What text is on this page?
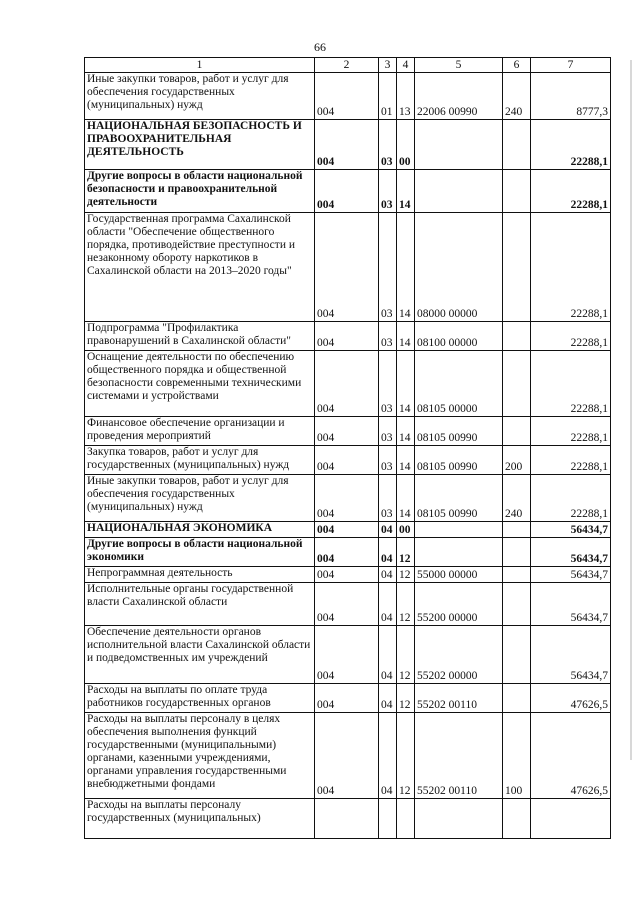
66
1	2	3	4	5	6	7
Иные закупки товаров, работ и услуг для обеспечения государственных (муниципальных) нужд	004	01	13	22006 00990	240	8777,3
НАЦИОНАЛЬНАЯ БЕЗОПАСНОСТЬ И ПРАВООХРАНИТЕЛЬНАЯ ДЕЯТЕЛЬНОСТЬ	004	03	00			22288,1
Другие вопросы в области национальной безопасности и правоохранительной деятельности	004	03	14			22288,1
Государственная программа Сахалинской области "Обеспечение общественного порядка, противодействие преступности и незаконному обороту наркотиков в Сахалинской области на 2013–2020 годы"	004	03	14	08000 00000		22288,1
Подпрограмма "Профилактика правонарушений в Сахалинской области"	004	03	14	08100 00000		22288,1
Оснащение деятельности по обеспечению общественного порядка и общественной безопасности современными техническими системами и устройствами	004	03	14	08105 00000		22288,1
Финансовое обеспечение организации и проведения мероприятий	004	03	14	08105 00990		22288,1
Закупка товаров, работ и услуг для государственных (муниципальных) нужд	004	03	14	08105 00990	200	22288,1
Иные закупки товаров, работ и услуг для обеспечения государственных (муниципальных) нужд	004	03	14	08105 00990	240	22288,1
НАЦИОНАЛЬНАЯ ЭКОНОМИКА	004	04	00			56434,7
Другие вопросы в области национальной экономики	004	04	12			56434,7
Непрограммная деятельность	004	04	12	55000 00000		56434,7
Исполнительные органы государственной власти Сахалинской области	004	04	12	55200 00000		56434,7
Обеспечение деятельности органов исполнительной власти Сахалинской области и подведомственных им учреждений	004	04	12	55202 00000		56434,7
Расходы на выплаты по оплате труда работников государственных органов	004	04	12	55202 00110		47626,5
Расходы на выплаты персоналу в целях обеспечения выполнения функций государственными (муниципальными) органами, казенными учреждениями, органами управления государственными внебюджетными фондами	004	04	12	55202 00110	100	47626,5
Расходы на выплаты персоналу государственных (муниципальных)						
